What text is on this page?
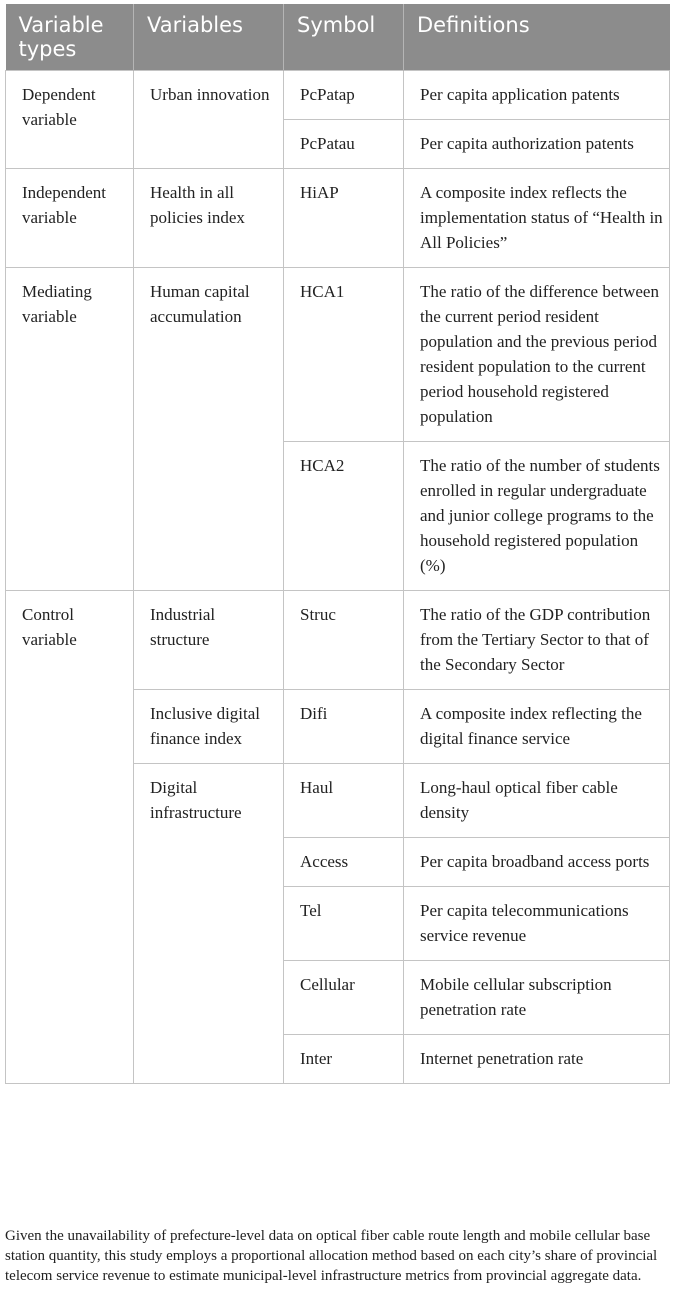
Variable types	Variables	Symbol	Definitions
Dependent variable	Urban innovation	PcPatap	Per capita application patents
		PcPatau	Per capita authorization patents
Independent variable	Health in all policies index	HiAP	A composite index reflects the implementation status of “Health in All Policies”
Mediating variable	Human capital accumulation	HCA1	The ratio of the difference between the current period resident population and the previous period resident population to the current period household registered population
		HCA2	The ratio of the number of students enrolled in regular undergraduate and junior college programs to the household registered population (%)
Control variable	Industrial structure	Struc	The ratio of the GDP contribution from the Tertiary Sector to that of the Secondary Sector
	Inclusive digital finance index	Difi	A composite index reflecting the digital finance service
	Digital infrastructure	Haul	Long-haul optical fiber cable density
		Access	Per capita broadband access ports
		Tel	Per capita telecommunications service revenue
		Cellular	Mobile cellular subscription penetration rate
		Inter	Internet penetration rate

Given the unavailability of prefecture-level data on optical fiber cable route length and mobile cellular base station quantity, this study employs a proportional allocation method based on each city’s share of provincial telecom service revenue to estimate municipal-level infrastructure metrics from provincial aggregate data.
